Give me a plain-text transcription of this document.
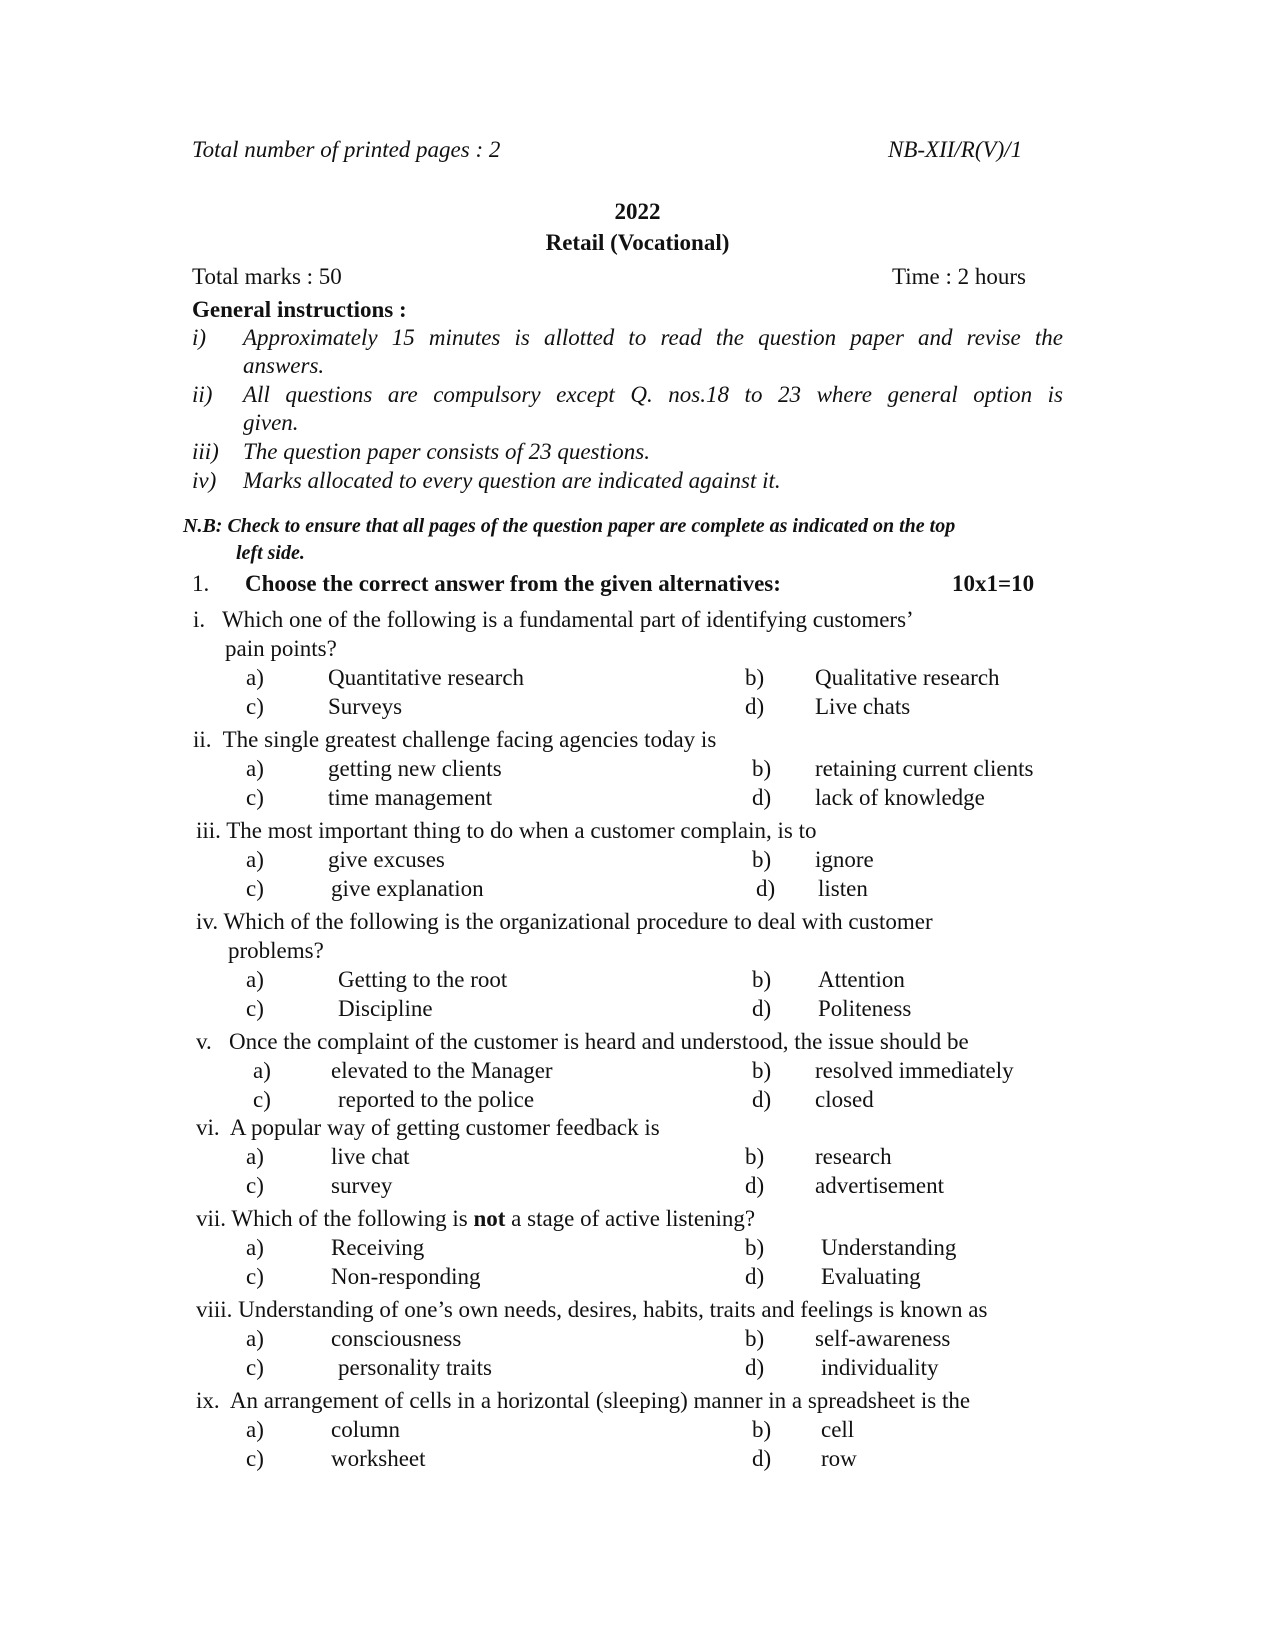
Total number of printed pages : 2	NB-XII/R(V)/1
2022
Retail (Vocational)
Total marks : 50	Time : 2 hours
General instructions :
i) Approximately 15 minutes is allotted to read the question paper and revise the
answers.
ii) All questions are compulsory except Q. nos.18 to 23 where general option is
given.
iii) The question paper consists of 23 questions.
iv) Marks allocated to every question are indicated against it.
N.B: Check to ensure that all pages of the question paper are complete as indicated on the top
left side.
1. Choose the correct answer from the given alternatives:	10x1=10
i.   Which one of the following is a fundamental part of identifying customers’
pain points?
a)	Quantitative research	b) Qualitative research
c)	Surveys	d) Live chats
ii.  The single greatest challenge facing agencies today is
a)	getting new clients	b) retaining current clients
c)	time management	d) lack of knowledge
iii. The most important thing to do when a customer complain, is to
a)	give excuses	b) ignore
c)	give explanation	d) listen
iv. Which of the following is the organizational procedure to deal with customer
problems?
a)	Getting to the root	b) Attention
c)	Discipline	d) Politeness
v.   Once the complaint of the customer is heard and understood, the issue should be
a)	elevated to the Manager	b) resolved immediately
c)	reported to the police	d) closed
vi.  A popular way of getting customer feedback is
a)	live chat	b) research
c)	survey	d) advertisement
vii. Which of the following is not a stage of active listening?
a)	Receiving	b) Understanding
c)	Non-responding	d) Evaluating
viii. Understanding of one’s own needs, desires, habits, traits and feelings is known as
a)	consciousness	b) self-awareness
c)	personality traits	d) individuality
ix.  An arrangement of cells in a horizontal (sleeping) manner in a spreadsheet is the
a)	column	b) cell
c)	worksheet	d) row
